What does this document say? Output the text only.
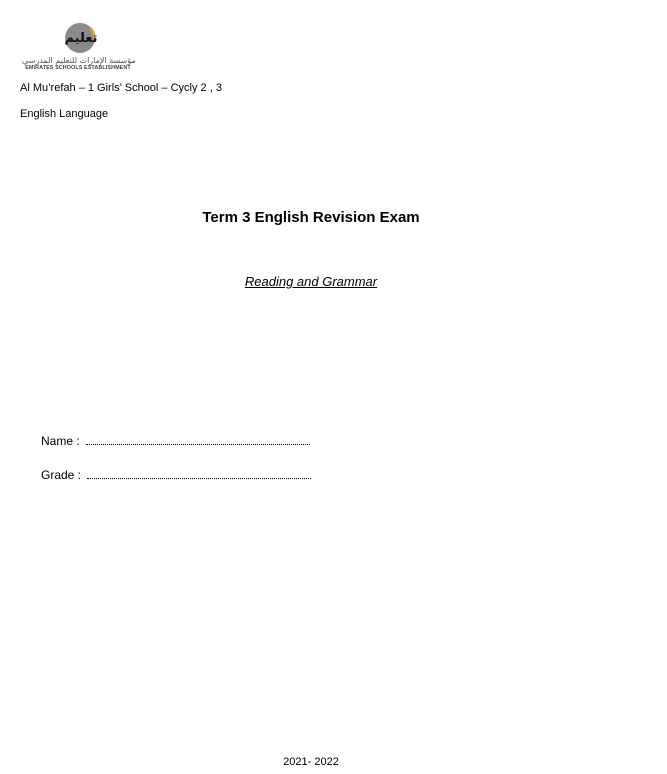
تعليم
مؤسسة الإمارات للتعليم المدرسي
EMIRATES SCHOOLS ESTABLISHMENT
Al Mu’refah – 1 Girls’ School – Cycly 2 , 3
English Language
Term 3 English Revision Exam
Reading and Grammar
Name :
Grade :
2021- 2022
